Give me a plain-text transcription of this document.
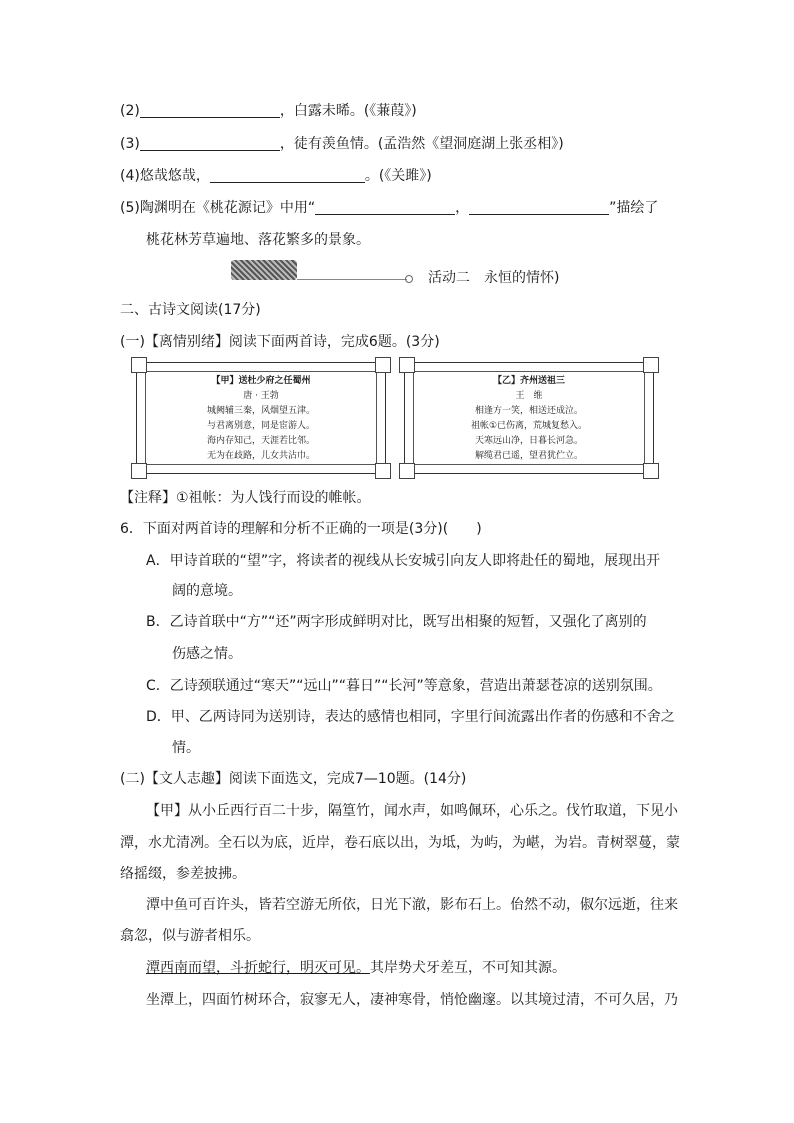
(2)	，白露未晞。(《蒹葭》)
(3)	，徒有羡鱼情。(孟浩然《望洞庭湖上张丞相》)
(4)悠哉悠哉，	。(《关雎》)
(5)陶渊明在《桃花源记》中用“	，	”描绘了
桃花林芳草遍地、落花繁多的景象。
活动二　永恒的情怀)
二、古诗文阅读(17分)
(一)【离情别绪】阅读下面两首诗，完成6题。(3分)
【甲】送杜少府之任蜀州
唐 · 王勃
城阙辅三秦，风烟望五津。
与君离别意，同是宦游人。
海内存知己，天涯若比邻。
无为在歧路，儿女共沾巾。
【乙】齐州送祖三
王　维
相逢方一笑，相送还成泣。
祖帐①已伤离，荒城复愁入。
天寒远山净，日暮长河急。
解缆君已遥，望君犹伫立。
【注释】①祖帐：为人饯行而设的帷帐。
6．下面对两首诗的理解和分析不正确的一项是(3分)(　　)
A．甲诗首联的“望”字，将读者的视线从长安城引向友人即将赴任的蜀地，展现出开
阔的意境。
B．乙诗首联中“方”“还”两字形成鲜明对比，既写出相聚的短暂，又强化了离别的
伤感之情。
C．乙诗颈联通过“寒天”“远山”“暮日”“长河”等意象，营造出萧瑟苍凉的送别氛围。
D．甲、乙两诗同为送别诗，表达的感情也相同，字里行间流露出作者的伤感和不舍之
情。
(二)【文人志趣】阅读下面选文，完成7—10题。(14分)
【甲】从小丘西行百二十步，隔篁竹，闻水声，如鸣佩环，心乐之。伐竹取道，下见小
潭，水尤清冽。全石以为底，近岸，卷石底以出，为坻，为屿，为嵁，为岩。青树翠蔓，蒙
络摇缀，参差披拂。
潭中鱼可百许头，皆若空游无所依，日光下澈，影布石上。佁然不动，俶尔远逝，往来
翕忽，似与游者相乐。
潭西南而望，斗折蛇行，明灭可见。其岸势犬牙差互，不可知其源。
坐潭上，四面竹树环合，寂寥无人，凄神寒骨，悄怆幽邃。以其境过清，不可久居，乃
